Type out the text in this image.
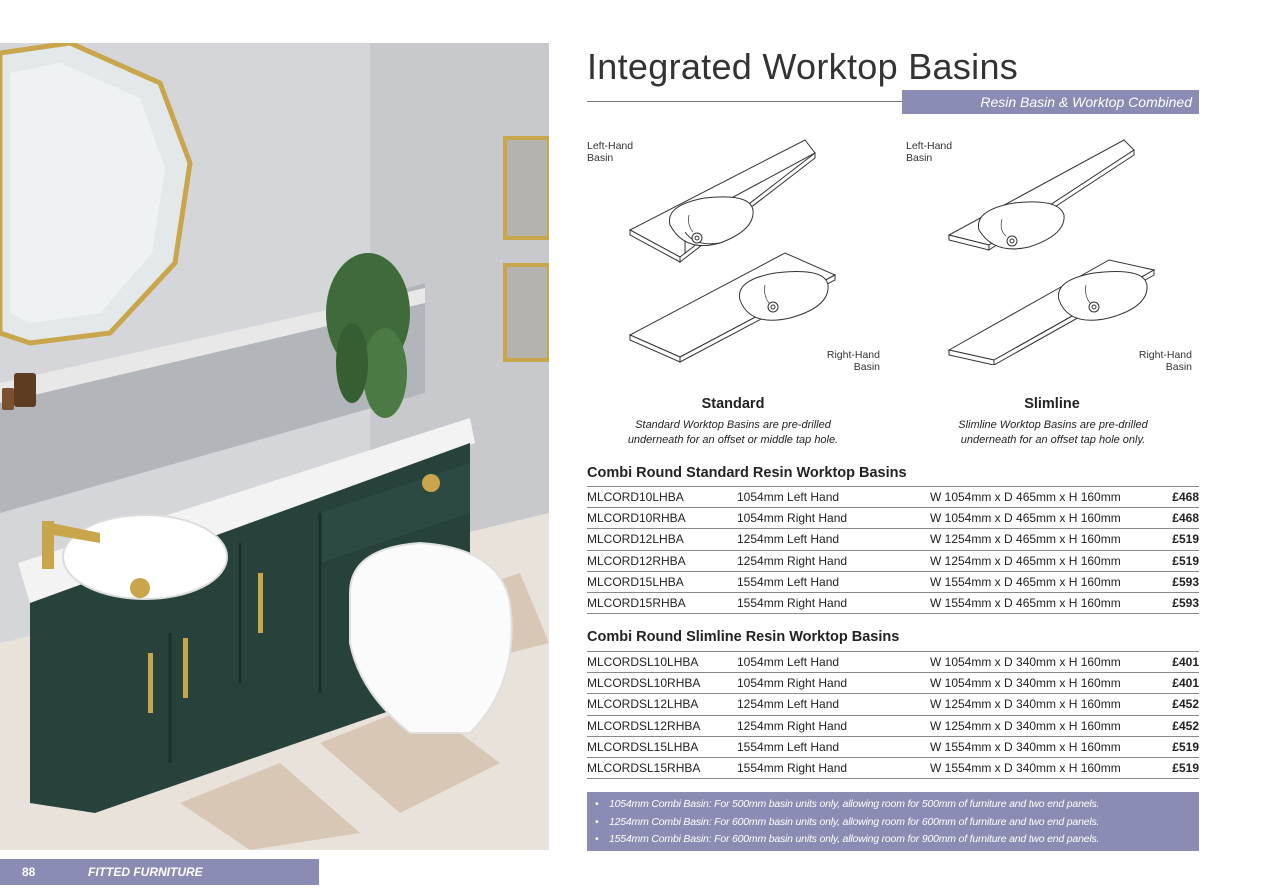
88	FITTED FURNITURE
Integrated Worktop Basins
Resin Basin & Worktop Combined
Left-Hand
Basin
Right-Hand
Basin
Standard
Standard Worktop Basins are pre-drilled
underneath for an offset or middle tap hole.
Left-Hand
Basin
Right-Hand
Basin
Slimline
Slimline Worktop Basins are pre-drilled
underneath for an offset tap hole only.
Combi Round Standard Resin Worktop Basins
MLCORD10LHBA	1054mm Left Hand	W 1054mm x D 465mm x H 160mm	£468
MLCORD10RHBA	1054mm Right Hand	W 1054mm x D 465mm x H 160mm	£468
MLCORD12LHBA	1254mm Left Hand	W 1254mm x D 465mm x H 160mm	£519
MLCORD12RHBA	1254mm Right Hand	W 1254mm x D 465mm x H 160mm	£519
MLCORD15LHBA	1554mm Left Hand	W 1554mm x D 465mm x H 160mm	£593
MLCORD15RHBA	1554mm Right Hand	W 1554mm x D 465mm x H 160mm	£593
Combi Round Slimline Resin Worktop Basins
MLCORDSL10LHBA	1054mm Left Hand	W 1054mm x D 340mm x H 160mm	£401
MLCORDSL10RHBA	1054mm Right Hand	W 1054mm x D 340mm x H 160mm	£401
MLCORDSL12LHBA	1254mm Left Hand	W 1254mm x D 340mm x H 160mm	£452
MLCORDSL12RHBA	1254mm Right Hand	W 1254mm x D 340mm x H 160mm	£452
MLCORDSL15LHBA	1554mm Left Hand	W 1554mm x D 340mm x H 160mm	£519
MLCORDSL15RHBA	1554mm Right Hand	W 1554mm x D 340mm x H 160mm	£519
• 1054mm Combi Basin: For 500mm basin units only, allowing room for 500mm of furniture and two end panels.
• 1254mm Combi Basin: For 600mm basin units only, allowing room for 600mm of furniture and two end panels.
• 1554mm Combi Basin: For 600mm basin units only, allowing room for 900mm of furniture and two end panels.
